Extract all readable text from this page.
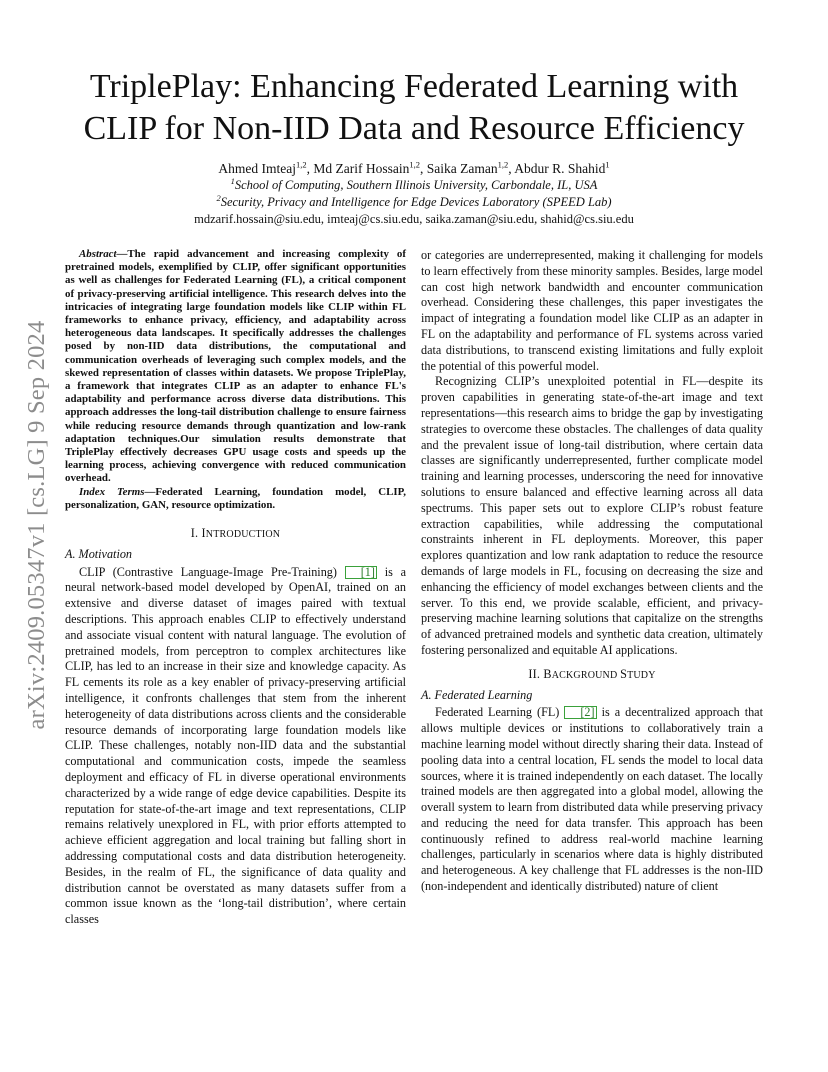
arXiv:2409.05347v1 [cs.LG] 9 Sep 2024
TriplePlay: Enhancing Federated Learning with
CLIP for Non-IID Data and Resource Efficiency
Ahmed Imteaj$^{1,2}$, Md Zarif Hossain$^{1,2}$, Saika Zaman$^{1,2}$, Abdur R. Shahid$^1$
$^1$School of Computing, Southern Illinois University, Carbondale, IL, USA
$^2$Security, Privacy and Intelligence for Edge Devices Laboratory (SPEED Lab)
mdzarif.hossain@siu.edu, imteaj@cs.siu.edu, saika.zaman@siu.edu, shahid@cs.siu.edu

Abstract—The rapid advancement and increasing complexity of pretrained models, exemplified by CLIP, offer significant opportunities as well as challenges for Federated Learning (FL), a critical component of privacy-preserving artificial intelligence. This research delves into the intricacies of integrating large foundation models like CLIP within FL frameworks to enhance privacy, efficiency, and adaptability across heterogeneous data landscapes. It specifically addresses the challenges posed by non-IID data distributions, the computational and communication overheads of leveraging such complex models, and the skewed representation of classes within datasets. We propose TriplePlay, a framework that integrates CLIP as an adapter to enhance FL's adaptability and performance across diverse data distributions. This approach addresses the long-tail distribution challenge to ensure fairness while reducing resource demands through quantization and low-rank adaptation techniques.Our simulation results demonstrate that TriplePlay effectively decreases GPU usage costs and speeds up the learning process, achieving convergence with reduced communication overhead.

Index Terms—Federated Learning, foundation model, CLIP, personalization, GAN, resource optimization.

I. INTRODUCTION
A. Motivation

CLIP (Contrastive Language-Image Pre-Training) [1] is a neural network-based model developed by OpenAI, trained on an extensive and diverse dataset of images paired with textual descriptions. This approach enables CLIP to effectively understand and associate visual content with natural language. The evolution of pretrained models, from perceptron to complex architectures like CLIP, has led to an increase in their size and knowledge capacity. As FL cements its role as a key enabler of privacy-preserving artificial intelligence, it confronts challenges that stem from the inherent heterogeneity of data distributions across clients and the considerable resource demands of incorporating large foundation models like CLIP. These challenges, notably non-IID data and the substantial computational and communication costs, impede the seamless deployment and efficacy of FL in diverse operational environments characterized by a wide range of edge device capabilities. Despite its reputation for state-of-the-art image and text representations, CLIP remains relatively unexplored in FL, with prior efforts attempted to achieve efficient aggregation and local training but falling short in addressing computational costs and data distribution heterogeneity. Besides, in the realm of FL, the significance of data quality and distribution cannot be overstated as many datasets suffer from a common issue known as the ‘long-tail distribution’, where certain classes

or categories are underrepresented, making it challenging for models to learn effectively from these minority samples. Besides, large model can cost high network bandwidth and encounter communication overhead. Considering these challenges, this paper investigates the impact of integrating a foundation model like CLIP as an adapter in FL on the adaptability and performance of FL systems across varied data distributions, to transcend existing limitations and fully exploit the potential of this powerful model.

Recognizing CLIP’s unexploited potential in FL—despite its proven capabilities in generating state-of-the-art image and text representations—this research aims to bridge the gap by investigating strategies to overcome these obstacles. The challenges of data quality and the prevalent issue of long-tail distribution, where certain data classes are significantly underrepresented, further complicate model training and learning processes, underscoring the need for innovative solutions to ensure balanced and effective learning across all data spectrums. This paper sets out to explore CLIP’s robust feature extraction capabilities, while addressing the computational constraints inherent in FL deployments. Moreover, this paper explores quantization and low rank adaptation to reduce the resource demands of large models in FL, focusing on decreasing the size and enhancing the efficiency of model exchanges between clients and the server. To this end, we provide scalable, efficient, and privacy-preserving machine learning solutions that capitalize on the strengths of advanced pretrained models and synthetic data creation, ultimately fostering personalized and equitable AI applications.

II. BACKGROUND STUDY
A. Federated Learning

Federated Learning (FL) [2] is a decentralized approach that allows multiple devices or institutions to collaboratively train a machine learning model without directly sharing their data. Instead of pooling data into a central location, FL sends the model to local data sources, where it is trained independently on each dataset. The locally trained models are then aggregated into a global model, allowing the overall system to learn from distributed data while preserving privacy and reducing the need for data transfer. This approach has been continuously refined to address real-world machine learning challenges, particularly in scenarios where data is highly distributed and heterogeneous. A key challenge that FL addresses is the non-IID (non-independent and identically distributed) nature of client
